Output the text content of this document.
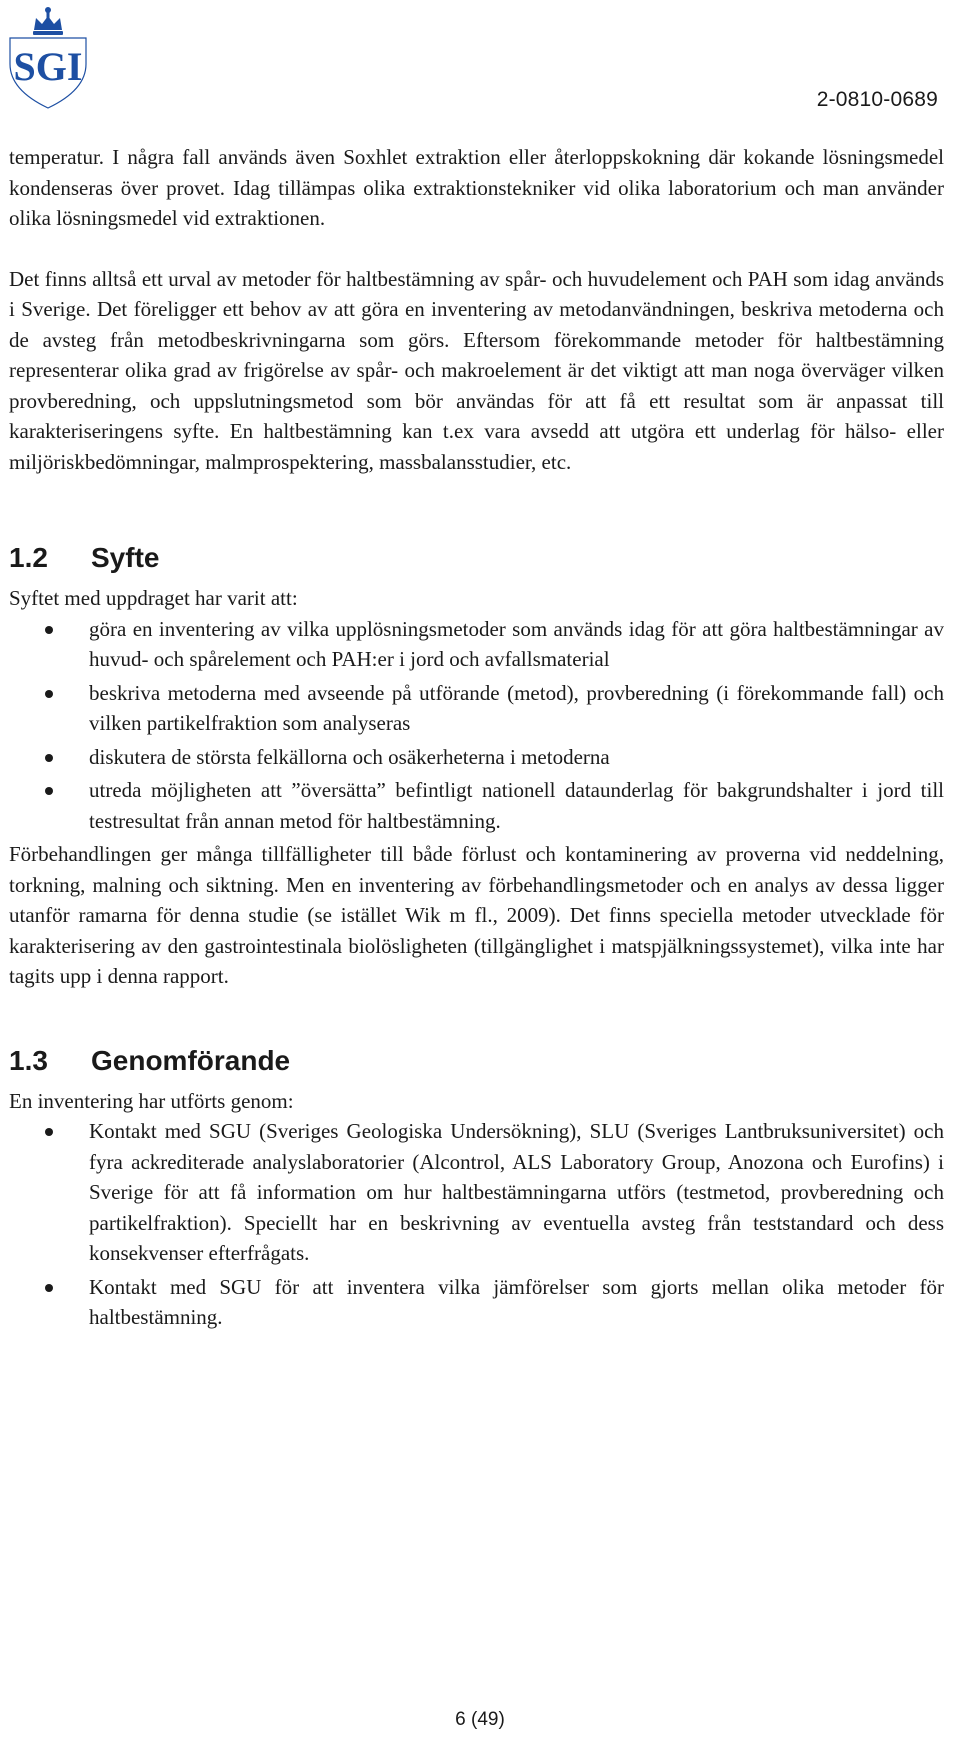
SGI
2-0810-0689

temperatur. I några fall används även Soxhlet extraktion eller återloppskokning där kokande lösningsmedel kondenseras över provet. Idag tillämpas olika extraktionstekniker vid olika laboratorium och man använder olika lösningsmedel vid extraktionen.

Det finns alltså ett urval av metoder för haltbestämning av spår- och huvudelement och PAH som idag används i Sverige. Det föreligger ett behov av att göra en inventering av metodanvändningen, beskriva metoderna och de avsteg från metodbeskrivningarna som görs. Eftersom förekommande metoder för haltbestämning representerar olika grad av frigörelse av spår- och makroelement är det viktigt att man noga överväger vilken provberedning, och uppslutningsmetod som bör användas för att få ett resultat som är anpassat till karakteriseringens syfte. En haltbestämning kan t.ex vara avsedd att utgöra ett underlag för hälso- eller miljöriskbedömningar, malmprospektering, massbalansstudier, etc.

1.2	Syfte

Syftet med uppdraget har varit att:

göra en inventering av vilka upplösningsmetoder som används idag för att göra haltbestämningar av huvud- och spårelement och PAH:er i jord och avfallsmaterial
beskriva metoderna med avseende på utförande (metod), provberedning (i förekommande fall) och vilken partikelfraktion som analyseras
diskutera de största felkällorna och osäkerheterna i metoderna
utreda möjligheten att ”översätta” befintligt nationell dataunderlag för bakgrundshalter i jord till testresultat från annan metod för haltbestämning.

Förbehandlingen ger många tillfälligheter till både förlust och kontaminering av proverna vid neddelning, torkning, malning och siktning. Men en inventering av förbehandlingsmetoder och en analys av dessa ligger utanför ramarna för denna studie (se istället Wik m fl., 2009). Det finns speciella metoder utvecklade för karakterisering av den gastrointestinala biolösligheten (tillgänglighet i matspjälkningssystemet), vilka inte har tagits upp i denna rapport.

1.3	Genomförande

En inventering har utförts genom:

Kontakt med SGU (Sveriges Geologiska Undersökning), SLU (Sveriges Lantbruksuniversitet) och fyra ackrediterade analyslaboratorier (Alcontrol, ALS Laboratory Group, Anozona och Eurofins) i Sverige för att få information om hur haltbestämningarna utförs (testmetod, provberedning och partikelfraktion). Speciellt har en beskrivning av eventuella avsteg från teststandard och dess konsekvenser efterfrågats.
Kontakt med SGU för att inventera vilka jämförelser som gjorts mellan olika metoder för haltbestämning.
6 (49)
